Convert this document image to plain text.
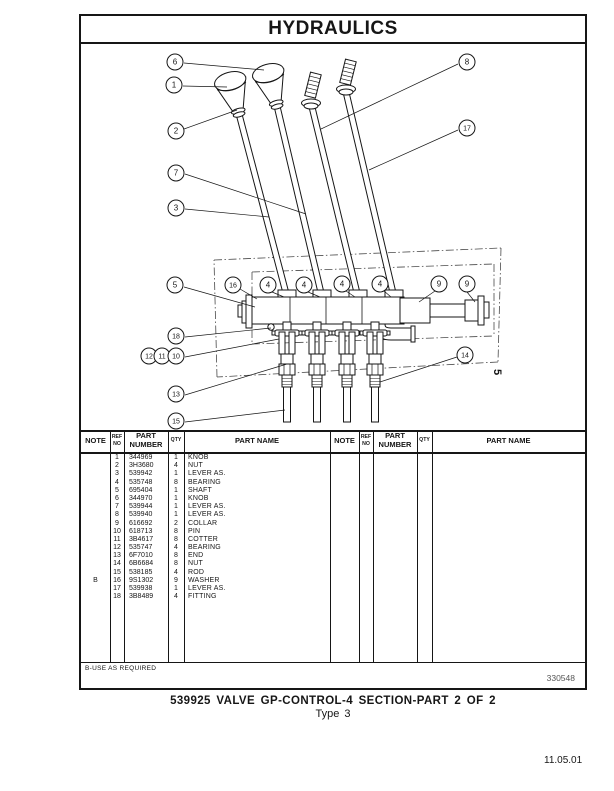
HYDRAULICS
5
6
1
2
8
17
7
3
5	16	4	4	4	4	9	9
18
12 11 10
13
14
15
NOTE	REF
NO
PART
NUMBER	QTY	PART NAME	NOTE	REF
NO
PART
NUMBER	QTY	PART NAME
1	344969	1	KNOB
2	3H3680	4	NUT
3	539942	1	LEVER AS.
4	535748	8	BEARING
5	695404	1	SHAFT
6	344970	1	KNOB
7	539944	1	LEVER AS.
8	539940	1	LEVER AS.
9	616692	2	COLLAR
10	618713	8	PIN
11	3B4617	8	COTTER
12	535747	4	BEARING
13	6F7010	8	END
14	6B6684	8	NUT
15	538185	4	ROD
B	16	9S1302	9	WASHER
17	539938	1	LEVER AS.
18	3B8489	4	FITTING
B-USE AS REQUIRED
330548
539925 VALVE GP-CONTROL-4 SECTION-PART 2 OF 2
Type 3
11.05.01
